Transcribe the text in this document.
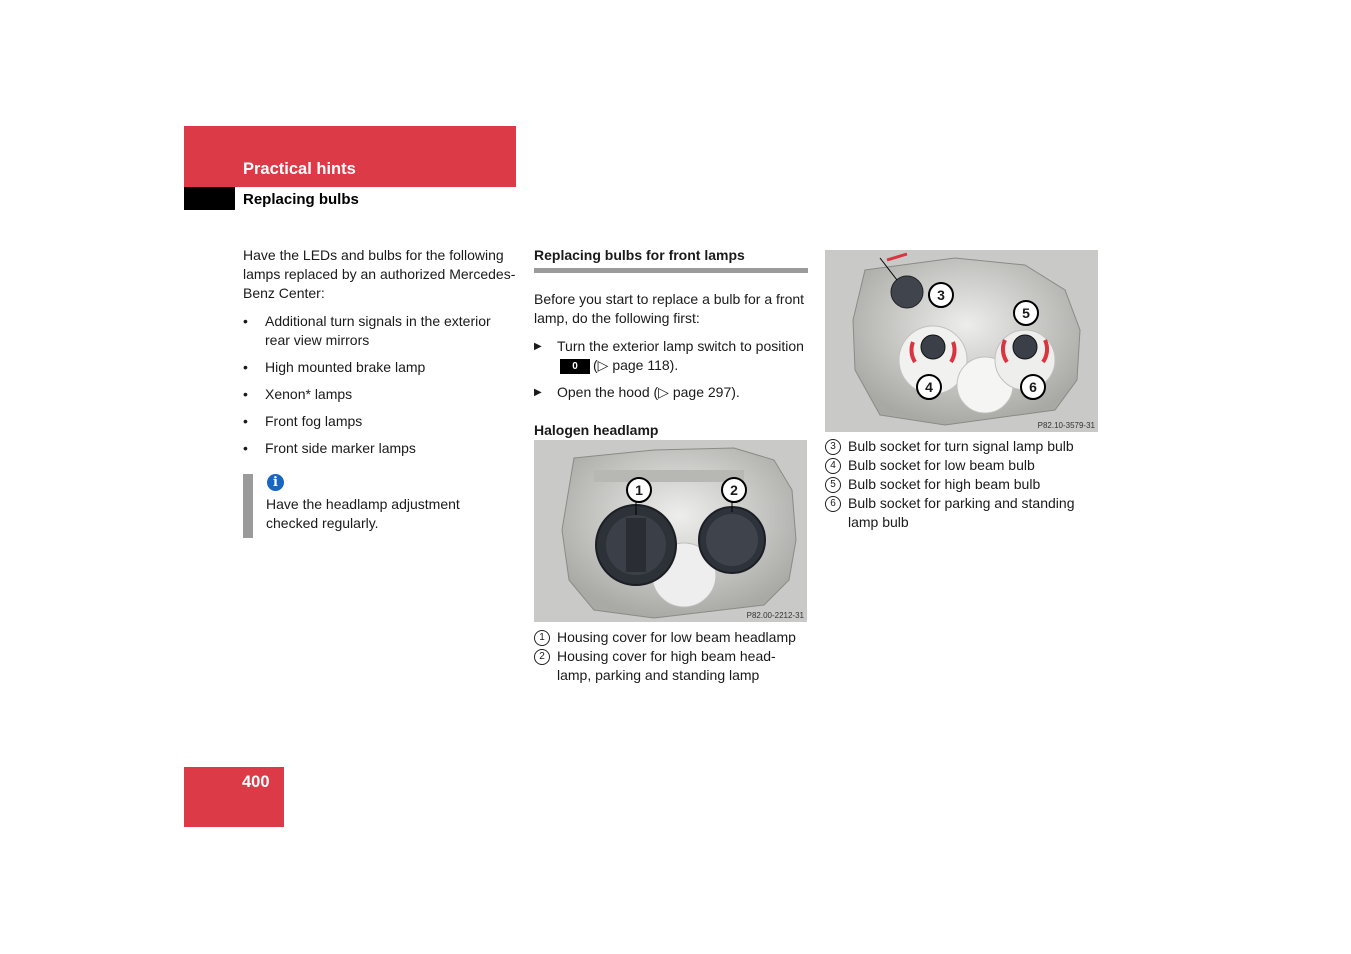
Practical hints
Replacing bulbs

Have the LEDs and bulbs for the following lamps replaced by an authorized Mercedes-Benz Center:

• Additional turn signals in the exterior rear view mirrors
• High mounted brake lamp
• Xenon* lamps
• Front fog lamps
• Front side marker lamps
i
Have the headlamp adjustment checked regularly.
Replacing bulbs for front lamps

Before you start to replace a bulb for a front lamp, do the following first:

▶ Turn the exterior lamp switch to position0 (▷ page 118).
▶ Open the hood (▷ page 297).
Halogen headlamp
1	2
P82.00-2212-31
1 Housing cover for low beam headlamp
2 Housing cover for high beam head-lamp, parking and standing lamp
3
4
5
6
P82.10-3579-31
3 Bulb socket for turn signal lamp bulb
4 Bulb socket for low beam bulb
5 Bulb socket for high beam bulb
6 Bulb socket for parking and standing lamp bulb
400
